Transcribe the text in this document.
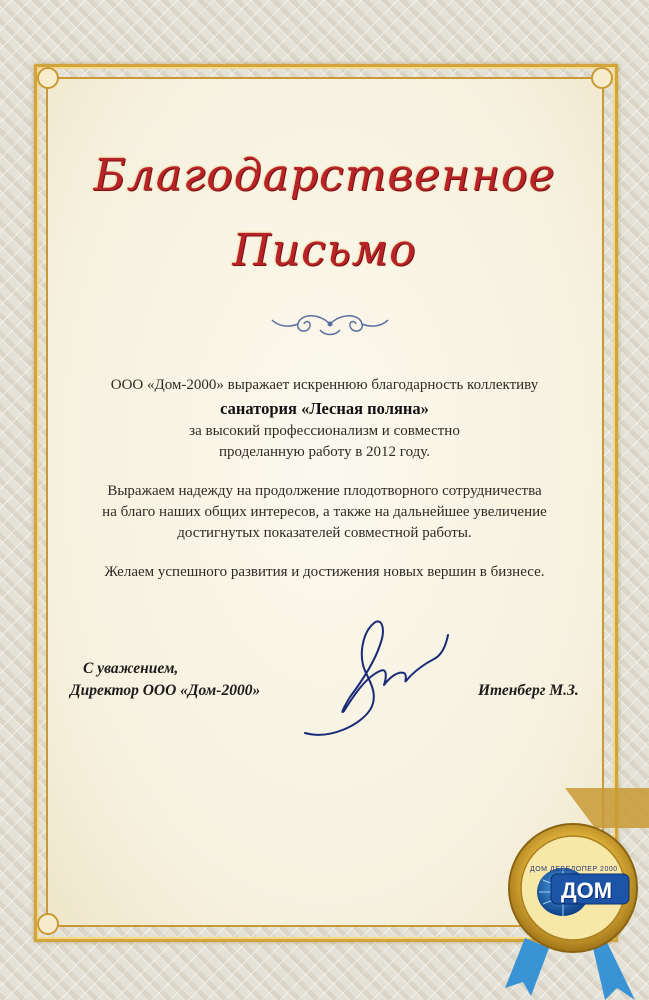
Благодарственное
Письмо
ООО «Дом-2000» выражает искреннюю благодарность коллективу
санатория «Лесная поляна»
за высокий профессионализм и совместно
проделанную работу в 2012 году.
Выражаем надежду на продолжение плодотворного сотрудничества
на благо наших общих интересов, а также на дальнейшее увеличение
достигнутых показателей совместной работы.
Желаем успешного развития и достижения новых вершин в бизнесе.
С уважением,
Директор ООО «Дом-2000»	Итенберг М.З.
ДОМ ДЕВЕЛОПЕР 2000
ДОМ
